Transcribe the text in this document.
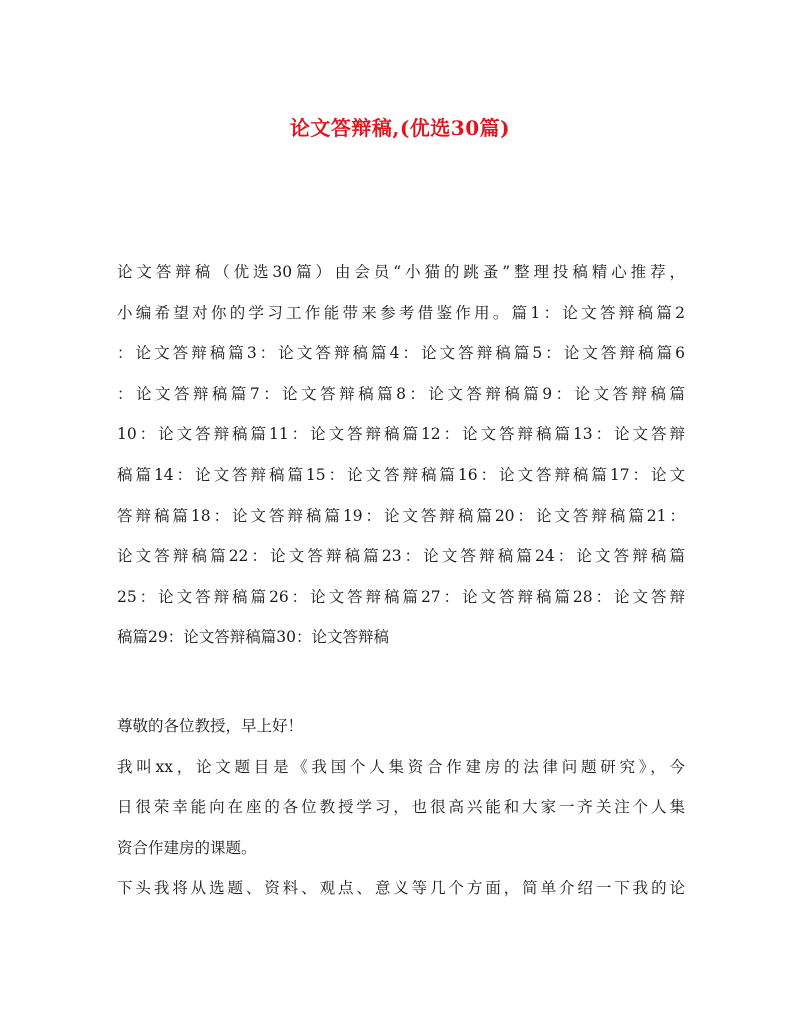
论文答辩稿,(优选30篇)
论文答辩稿（优选30篇）由会员“小猫的跳蚤”整理投稿精心推荐，
小编希望对你的学习工作能带来参考借鉴作用。篇1：论文答辩稿篇2
：论文答辩稿篇3：论文答辩稿篇4：论文答辩稿篇5：论文答辩稿篇6
：论文答辩稿篇7：论文答辩稿篇8：论文答辩稿篇9：论文答辩稿篇
10：论文答辩稿篇11：论文答辩稿篇12：论文答辩稿篇13：论文答辩
稿篇14：论文答辩稿篇15：论文答辩稿篇16：论文答辩稿篇17：论文
答辩稿篇18：论文答辩稿篇19：论文答辩稿篇20：论文答辩稿篇21：
论文答辩稿篇22：论文答辩稿篇23：论文答辩稿篇24：论文答辩稿篇
25：论文答辩稿篇26：论文答辩稿篇27：论文答辩稿篇28：论文答辩
稿篇29：论文答辩稿篇30：论文答辩稿
尊敬的各位教授，早上好！
我叫xx，论文题目是《我国个人集资合作建房的法律问题研究》，今
日很荣幸能向在座的各位教授学习，也很高兴能和大家一齐关注个人集
资合作建房的课题。
下头我将从选题、资料、观点、意义等几个方面，简单介绍一下我的论
